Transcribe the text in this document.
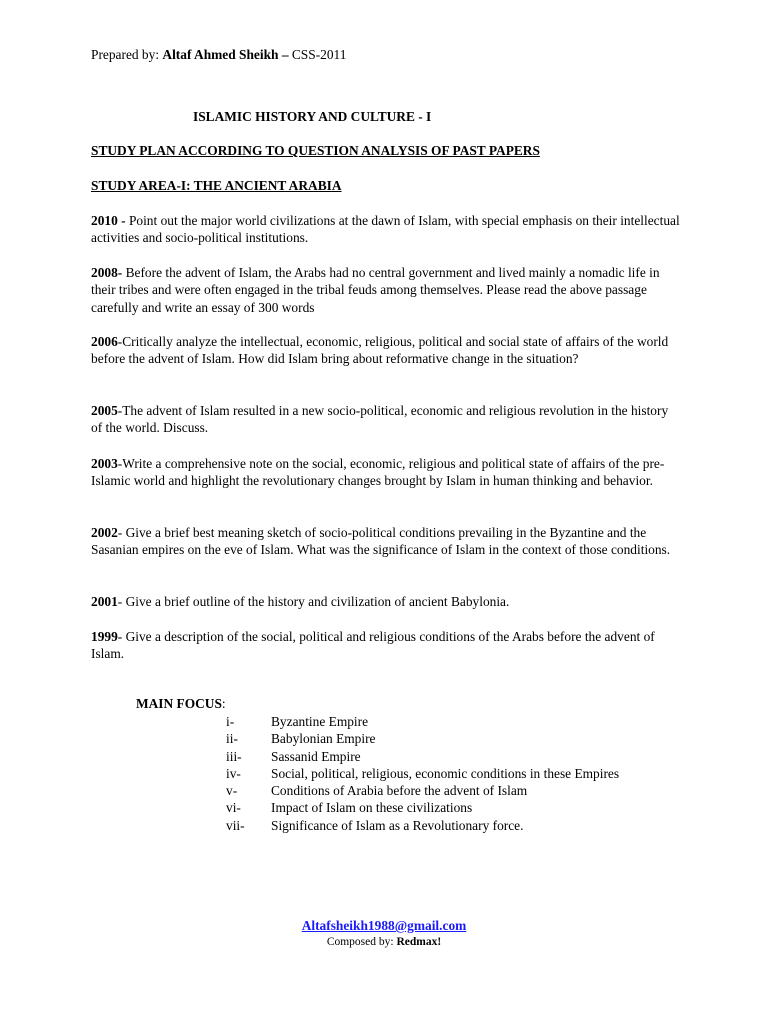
Prepared by: Altaf Ahmed Sheikh – CSS-2011
ISLAMIC HISTORY AND CULTURE - I
STUDY PLAN ACCORDING TO QUESTION ANALYSIS OF PAST PAPERS
STUDY AREA-I: THE ANCIENT ARABIA

2010 - Point out the major world civilizations at the dawn of Islam, with special emphasis on their intellectual activities and socio-political institutions.

2008- Before the advent of Islam, the Arabs had no central government and lived mainly a nomadic life in their tribes and were often engaged in the tribal feuds among themselves. Please read the above passage carefully and write an essay of 300 words

2006-Critically analyze the intellectual, economic, religious, political and social state of affairs of the world before the advent of Islam. How did Islam bring about reformative change in the situation?

2005-The advent of Islam resulted in a new socio-political, economic and religious revolution in the history of the world. Discuss.

2003-Write a comprehensive note on the social, economic, religious and political state of affairs of the pre-Islamic world and highlight the revolutionary changes brought by Islam in human thinking and behavior.

2002- Give a brief best meaning sketch of socio-political conditions prevailing in the Byzantine and the Sasanian empires on the eve of Islam. What was the significance of Islam in the context of those conditions.

2001- Give a brief outline of the history and civilization of ancient Babylonia.

1999- Give a description of the social, political and religious conditions of the Arabs before the advent of Islam.

MAIN FOCUS:
i-	Byzantine Empire
ii-	Babylonian Empire
iii-	Sassanid Empire
iv-	Social, political, religious, economic conditions in these Empires
v-	Conditions of Arabia before the advent of Islam
vi-	Impact of Islam on these civilizations
vii-	Significance of Islam as a Revolutionary force.
Altafsheikh1988@gmail.com
Composed by: Redmax!
